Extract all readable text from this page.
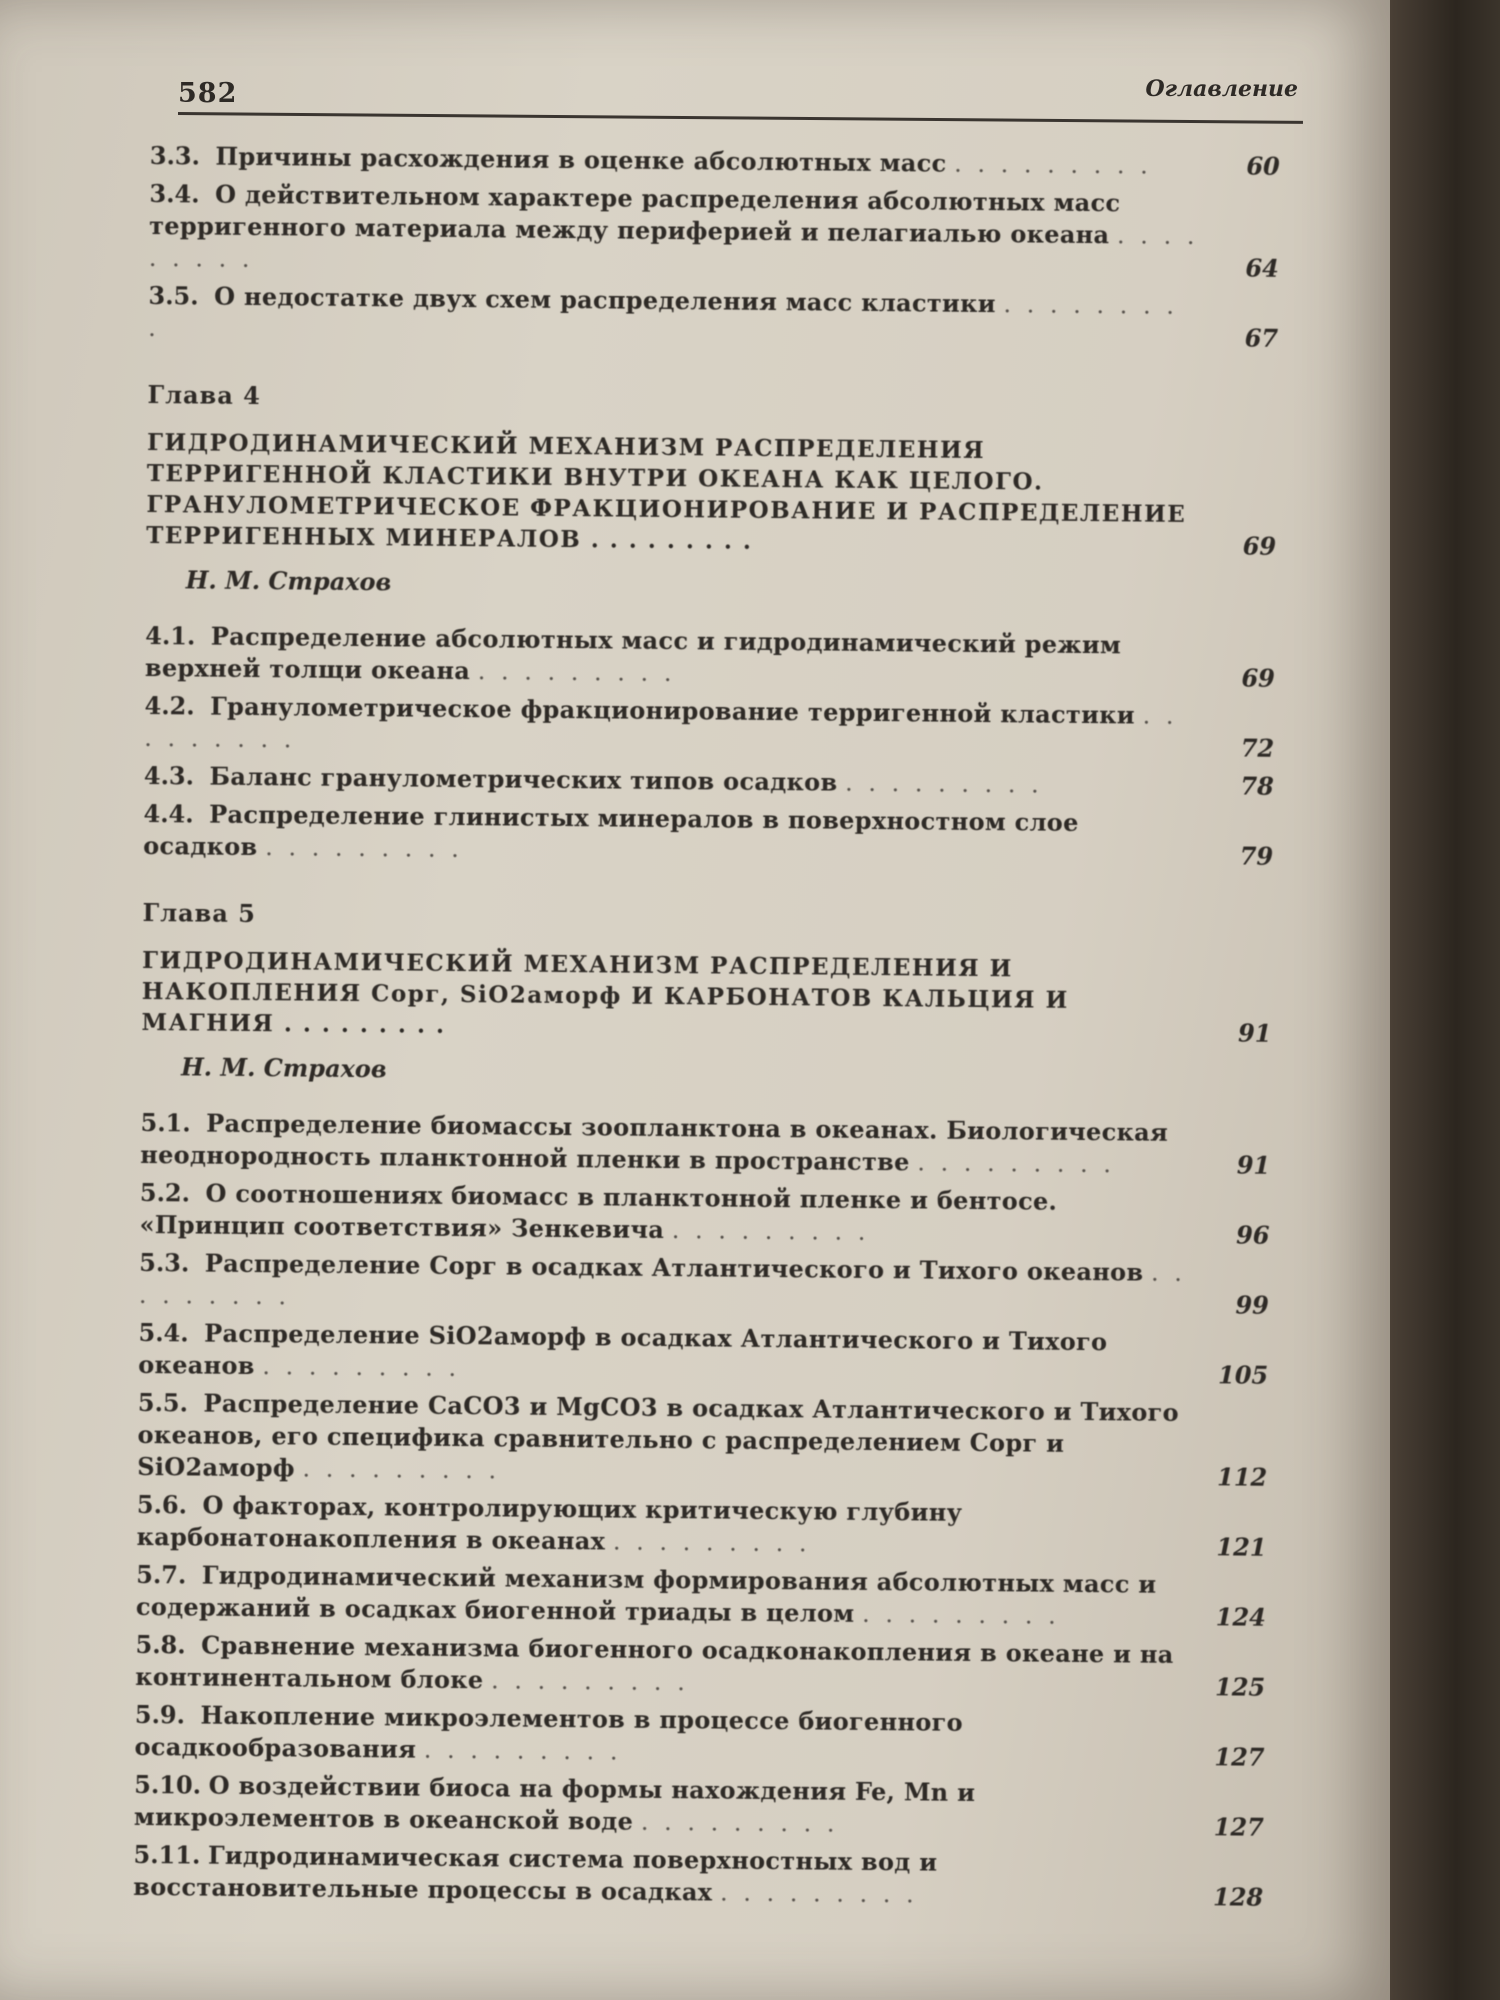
582	Оглавление
3.3. Причины расхождения в оценке абсолютных масс . . . . . . . . .	60
3.4. О действительном характере распределения абсолютных масс терригенного материала между периферией и пелагиалью океана . . . . . . . . .	64
3.5. О недостатке двух схем распределения масс кластики . . . . . . . . .	67
Глава 4
ГИДРОДИНАМИЧЕСКИЙ МЕХАНИЗМ РАСПРЕДЕЛЕНИЯ ТЕРРИГЕННОЙ КЛАСТИКИ ВНУТРИ ОКЕАНА КАК ЦЕЛОГО. ГРАНУЛОМЕТРИЧЕСКОЕ ФРАКЦИОНИРОВАНИЕ И РАСПРЕДЕЛЕНИЕ ТЕРРИГЕННЫХ МИНЕРАЛОВ . . . . . . . . .	69
Н. М. Страхов
4.1. Распределение абсолютных масс и гидродинамический режим верхней толщи океана . . . . . . . . .	69
4.2. Гранулометрическое фракционирование терригенной кластики . . . . . . . . .	72
4.3. Баланс гранулометрических типов осадков . . . . . . . . .	78
4.4. Распределение глинистых минералов в поверхностном слое осадков . . . . . . . . .	79
Глава 5
ГИДРОДИНАМИЧЕСКИЙ МЕХАНИЗМ РАСПРЕДЕЛЕНИЯ И НАКОПЛЕНИЯ Сорг, SiO2аморф И КАРБОНАТОВ КАЛЬЦИЯ И МАГНИЯ . . . . . . . . .	91
Н. М. Страхов
5.1. Распределение биомассы зоопланктона в океанах. Биологическая неоднородность планктонной пленки в пространстве . . . . . . . . .	91
5.2. О соотношениях биомасс в планктонной пленке и бентосе. «Принцип соответствия» Зенкевича . . . . . . . . .	96
5.3. Распределение Сорг в осадках Атлантического и Тихого океанов . . . . . . . . .	99
5.4. Распределение SiO2аморф в осадках Атлантического и Тихого океанов . . . . . . . . .	105
5.5. Распределение CaCO3 и MgCO3 в осадках Атлантического и Тихого океанов, его специфика сравнительно с распределением Сорг и SiO2аморф . . . . . . . . .	112
5.6. О факторах, контролирующих критическую глубину карбонатонакопления в океанах . . . . . . . . .	121
5.7. Гидродинамический механизм формирования абсолютных масс и содержаний в осадках биогенной триады в целом . . . . . . . . .	124
5.8. Сравнение механизма биогенного осадконакопления в океане и на континентальном блоке . . . . . . . . .	125
5.9. Накопление микроэлементов в процессе биогенного осадкообразования . . . . . . . . .	127
5.10. О воздействии биоса на формы нахождения Fe, Mn и микроэлементов в океанской воде . . . . . . . . .	127
5.11. Гидродинамическая система поверхностных вод и восстановительные процессы в осадках . . . . . . . . .	128
